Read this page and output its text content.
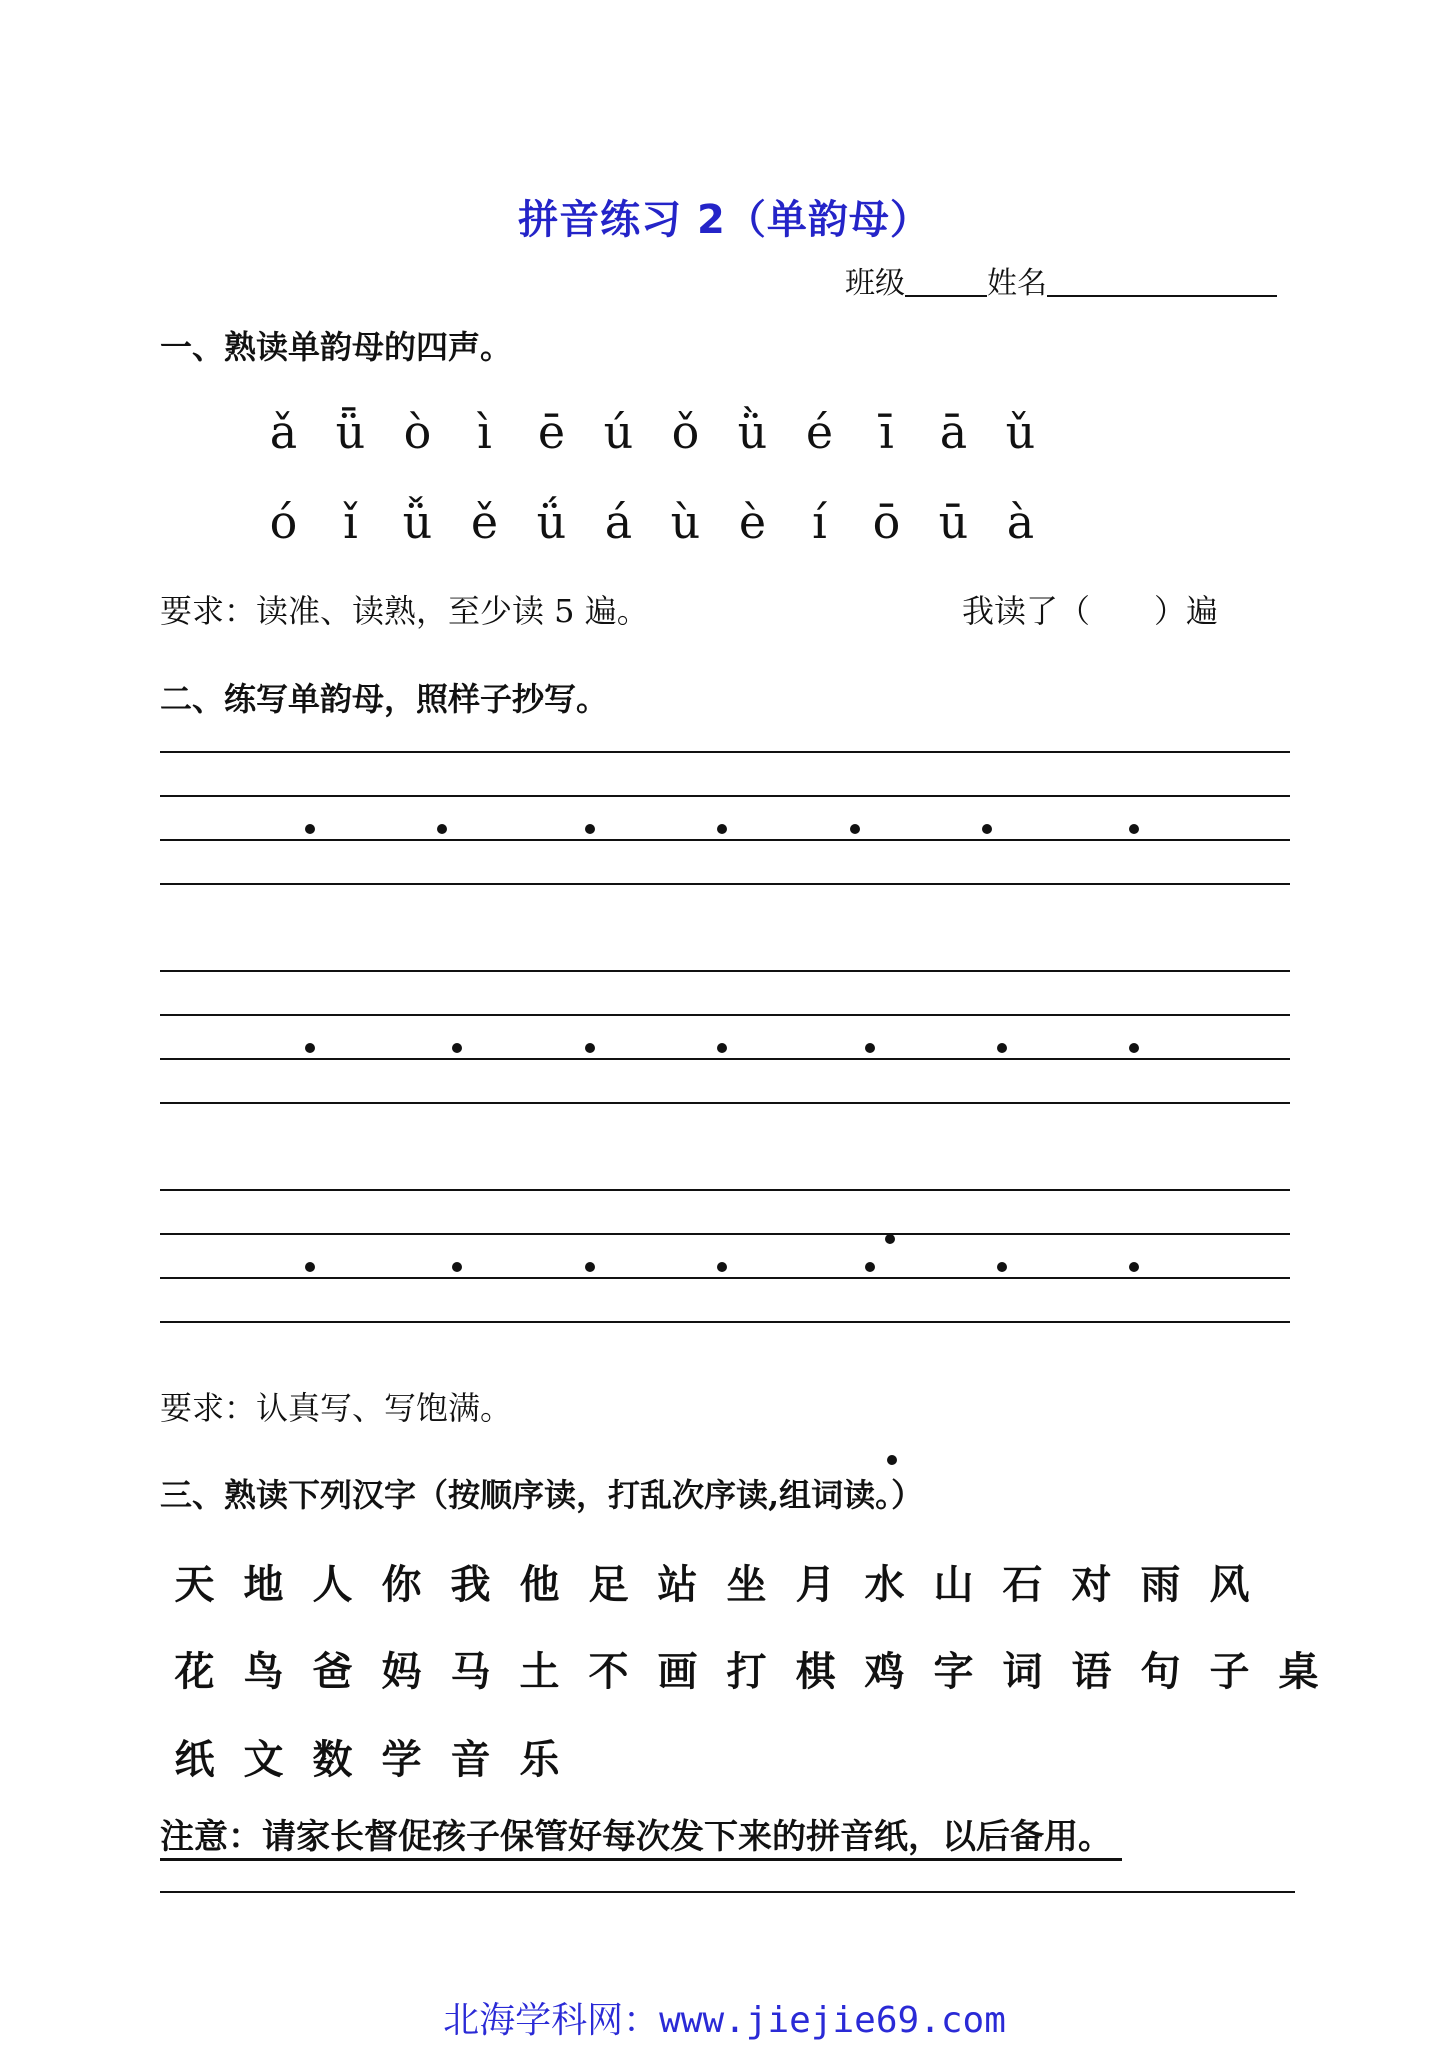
拼音练习 2（单韵母）
班级	姓名
一、熟读单韵母的四声。
ǎ ǖ ò ì ē ú ǒ ǜ é ī ā ǔ
ó ǐ ǚ ě ǘ á ù è í ō ū à
要求：读准、读熟，至少读 5 遍。	我读了（　　）遍
二、练写单韵母，照样子抄写。
要求：认真写、写饱满。
三、熟读下列汉字（按顺序读，打乱次序读,组词读。）
天 地 人 你 我 他 足 站 坐 月 水 山 石 对 雨 风
花 鸟 爸 妈 马 土 不 画 打 棋 鸡 字 词 语 句 子 桌
纸 文 数 学 音 乐
注意：请家长督促孩子保管好每次发下来的拼音纸，以后备用。
北海学科网：www.jiejie69.com
